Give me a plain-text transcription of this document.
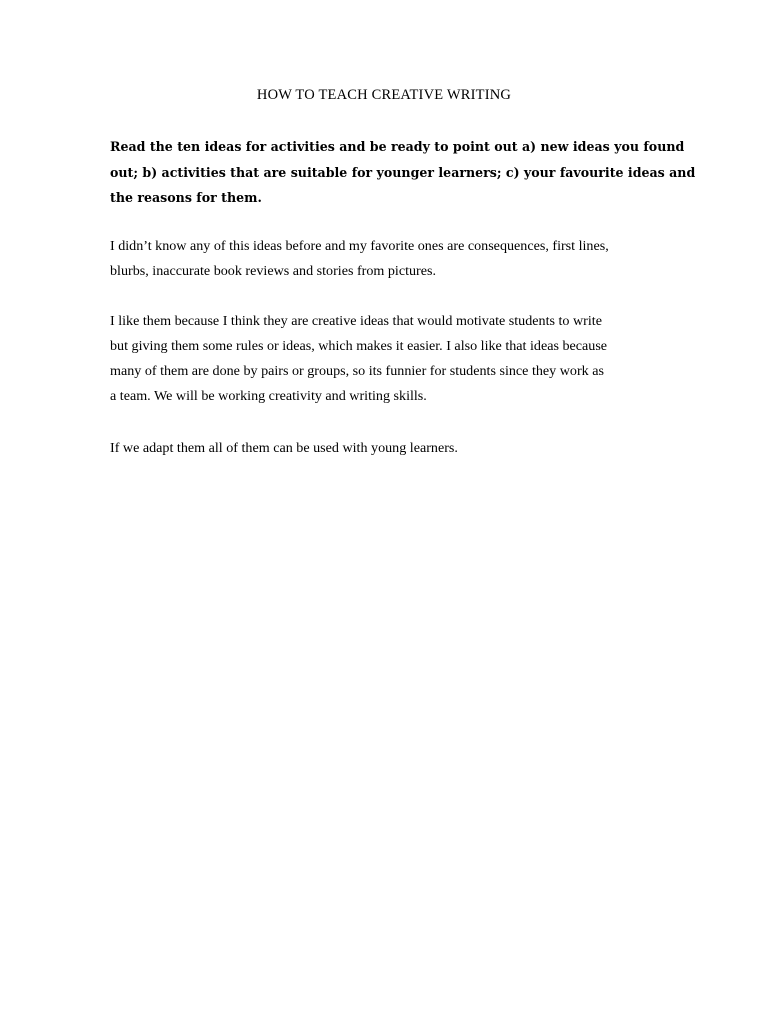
HOW TO TEACH CREATIVE WRITING
Read the ten ideas for activities and be ready to point out a) new ideas you found
out; b) activities that are suitable for younger learners; c) your favourite ideas and
the reasons for them.
I didn’t know any of this ideas before and my favorite ones are consequences, first lines,
blurbs, inaccurate book reviews and stories from pictures.
I like them because I think they are creative ideas that would motivate students to write
but giving them some rules or ideas, which makes it easier. I also like that ideas because
many of them are done by pairs or groups, so its funnier for students since they work as
a team. We will be working creativity and writing skills.
If we adapt them all of them can be used with young learners.
